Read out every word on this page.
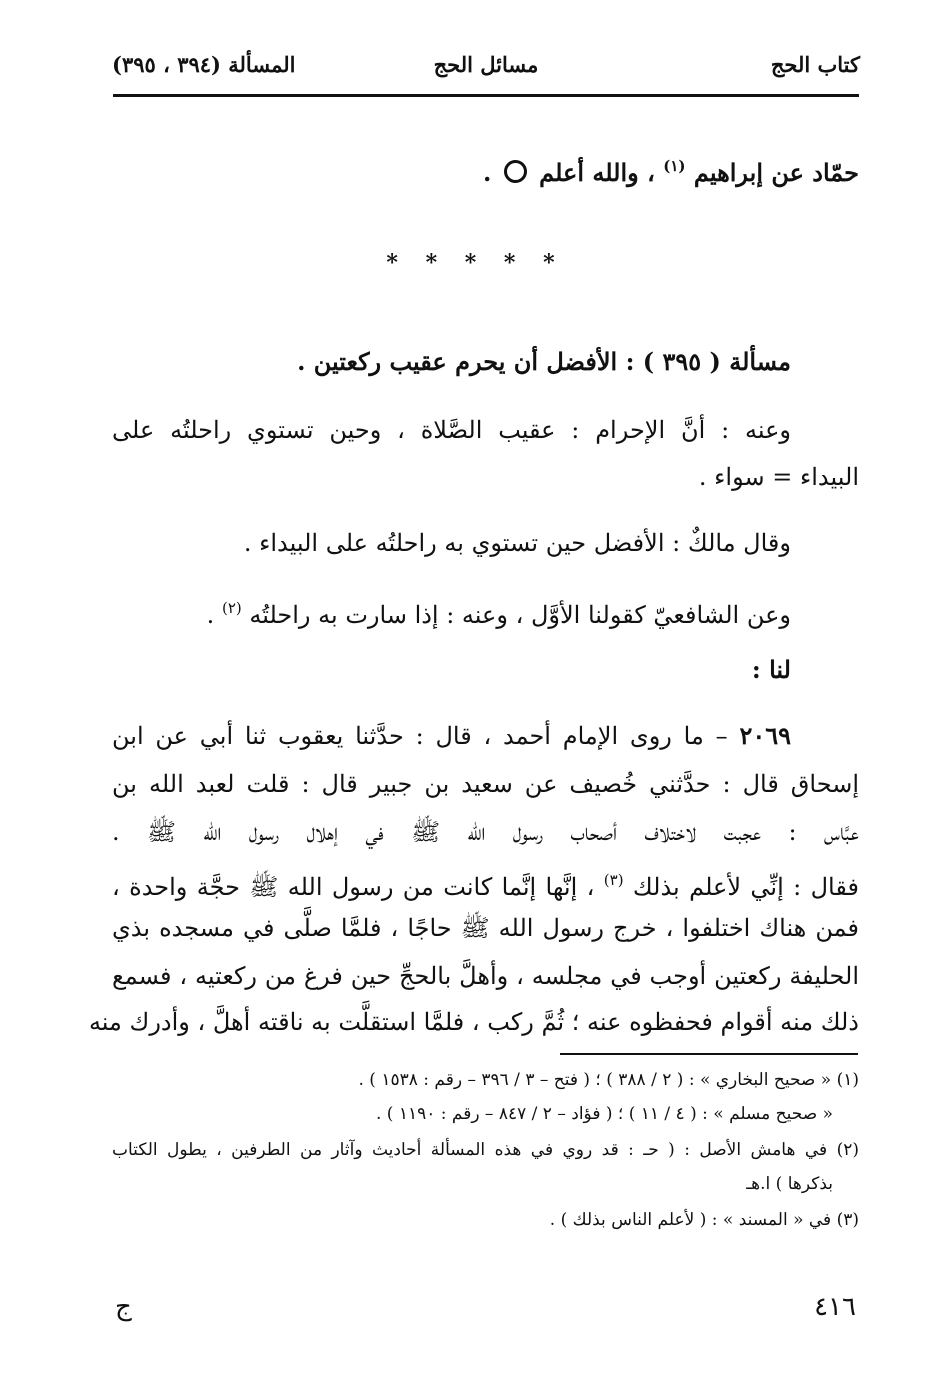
كتاب الحج
مسائل الحج
المسألة (٣٩٤ ، ٣٩٥)
حمّاد عن إبراهيم $^{(١)}$ ، والله أعلم  .
* * * * *
مسألة ( ٣٩٥ ) : الأفضل أن يحرم عقيب ركعتين .
وعنه : أنَّ الإحرام : عقيب الصَّلاة ، وحين تستوي راحلتُه على
البيداء = سواء .
وقال مالكٌ : الأفضل حين تستوي به راحلتُه على البيداء .
وعن الشافعيّ كقولنا الأوَّل ، وعنه : إذا سارت به راحلتُه $^{(٢)}$ .
لنا :
٢٠٦٩ – ما روى الإمام أحمد ، قال : حدَّثنا يعقوب ثنا أبي عن ابن
إسحاق قال : حدَّثني خُصيف عن سعيد بن جبير قال : قلت لعبد الله بن
عبَّاس : عجبت لاختلاف أصحاب رسول الله ﷺ في إهلال رسول الله ﷺ .
فقال : إنِّي لأعلم بذلك $^{(٣)}$ ، إنَّها إنَّما كانت من رسول الله ﷺ حجَّة واحدة ،
فمن هناك اختلفوا ، خرج رسول الله ﷺ حاجًا ، فلمَّا صلَّى في مسجده بذي
الحليفة ركعتين أوجب في مجلسه ، وأهلَّ بالحجِّ حين فرغ من ركعتيه ، فسمع
ذلك منه أقوام فحفظوه عنه ؛ ثُمَّ ركب ، فلمَّا استقلَّت به ناقته أهلَّ ، وأدرك منه
(١) « صحيح البخاري » : ( ٢ / ٣٨٨ ) ؛ ( فتح – ٣ / ٣٩٦ – رقم : ١٥٣٨ ) .
« صحيح مسلم » : ( ٤ / ١١ ) ؛ ( فؤاد – ٢ / ٨٤٧ – رقم : ١١٩٠ ) .
(٢) في هامش الأصل : ( حـ : قد روي في هذه المسألة أحاديث وآثار من الطرفين ، يطول الكتاب
بذكرها ) ا.هـ
(٣) في « المسند » : ( لأعلم الناس بذلك ) .
٤١٦
ج
